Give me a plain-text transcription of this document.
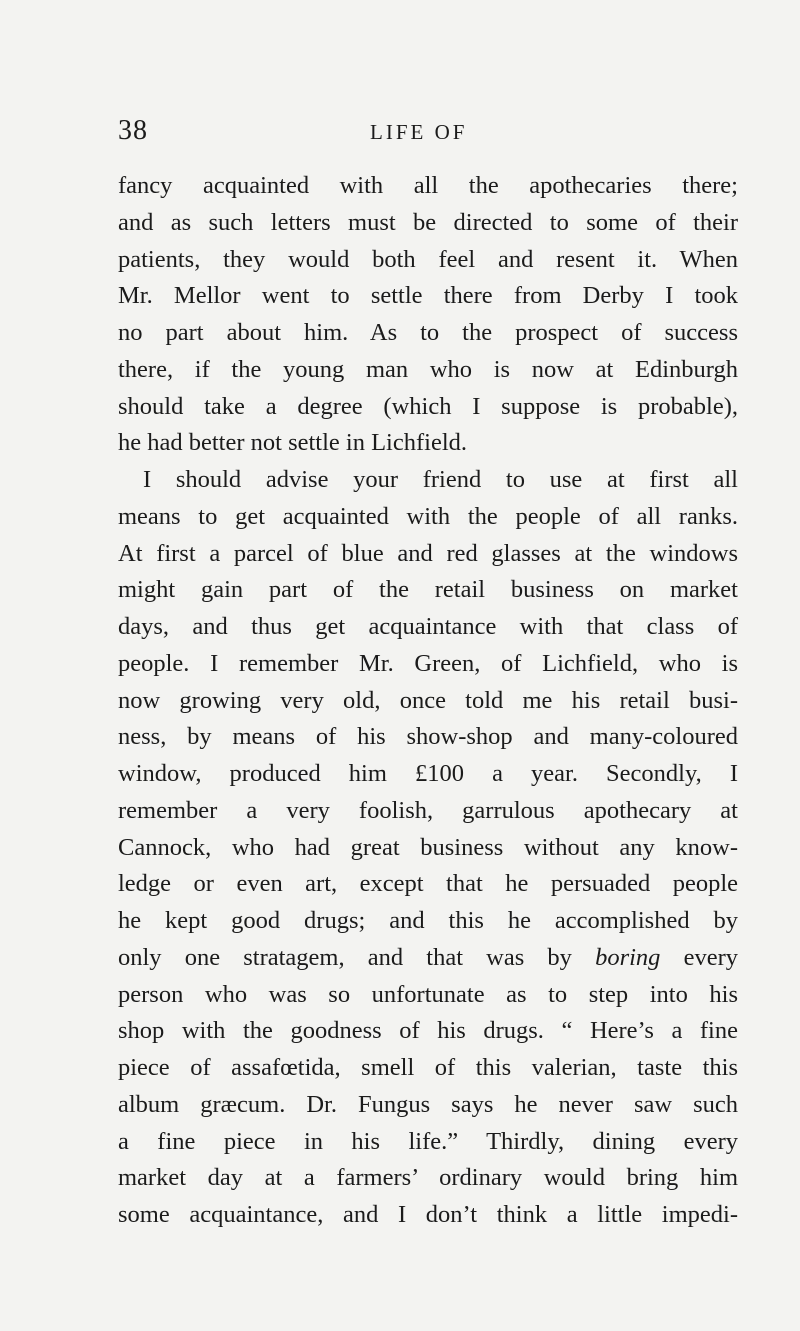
38	LIFE OF
fancy acquainted with all the apothecaries there;
and as such letters must be directed to some of their
patients, they would both feel and resent it. When
Mr. Mellor went to settle there from Derby I took
no part about him. As to the prospect of success
there, if the young man who is now at Edinburgh
should take a degree (which I suppose is probable),
he had better not settle in Lichfield.
I should advise your friend to use at first all
means to get acquainted with the people of all ranks.
At first a parcel of blue and red glasses at the windows
might gain part of the retail business on market
days, and thus get acquaintance with that class of
people. I remember Mr. Green, of Lichfield, who is
now growing very old, once told me his retail busi-
ness, by means of his show-shop and many-coloured
window, produced him £100 a year. Secondly, I
remember a very foolish, garrulous apothecary at
Cannock, who had great business without any know-
ledge or even art, except that he persuaded people
he kept good drugs; and this he accomplished by
only one stratagem, and that was by boring every
person who was so unfortunate as to step into his
shop with the goodness of his drugs. “ Here’s a fine
piece of assafœtida, smell of this valerian, taste this
album græcum. Dr. Fungus says he never saw such
a fine piece in his life.” Thirdly, dining every
market day at a farmers’ ordinary would bring him
some acquaintance, and I don’t think a little impedi-
